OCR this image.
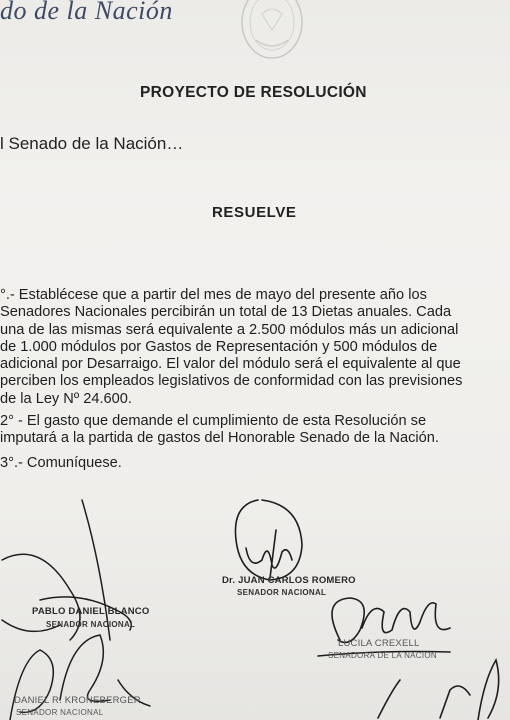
do de la Nación
PROYECTO DE RESOLUCIÓN
l Senado de la Nación…
RESUELVE
°.- Establécese que a partir del mes de mayo del presente año los
Senadores Nacionales percibirán un total de 13 Dietas anuales. Cada
una de las mismas será equivalente a 2.500 módulos más un adicional
de 1.000 módulos por Gastos de Representación y 500 módulos de
adicional por Desarraigo. El valor del módulo será el equivalente al que
perciben los empleados legislativos de conformidad con las previsiones
de la Ley Nº 24.600.
2° - El gasto que demande el cumplimiento de esta Resolución se
imputará a la partida de gastos del Honorable Senado de la Nación.
3°.- Comuníquese.
Dr. JUAN CARLOS ROMERO
SENADOR NACIONAL
PABLO DANIEL BLANCO
SENADOR NACIONAL
LUCILA CREXELL
SENADORA DE LA NACIÓN
DANIEL R. KRONEBERGER
SENADOR NACIONAL
